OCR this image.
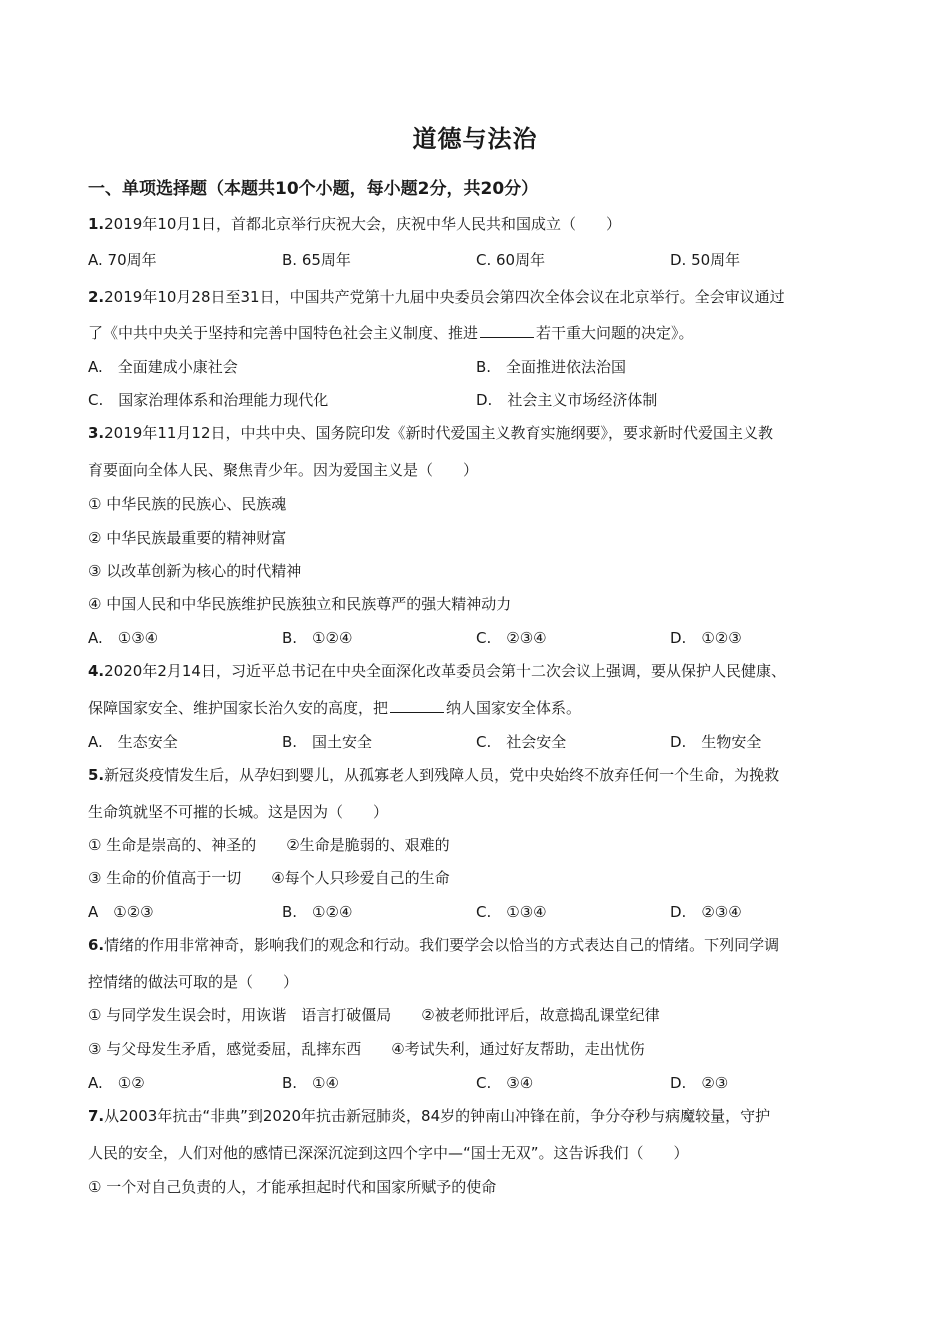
道德与法治
一、单项选择题（本题共10个小题，每小题2分，共20分）
1.2019年10月1日，首都北京举行庆祝大会，庆祝中华人民共和国成立（　　）
A. 70周年	B. 65周年	C. 60周年	D. 50周年
2.2019年10月28日至31日，中国共产党第十九届中央委员会第四次全体会议在北京举行。全会审议通过
了《中共中央关于坚持和完善中国特色社会主义制度、推进	若干重大问题的决定》。
A.　全面建成小康社会	B.　全面推进依法治国
C.　国家治理体系和治理能力现代化	D.　社会主义市场经济体制
3.2019年11月12日，中共中央、国务院印发《新时代爱国主义教育实施纲要》，要求新时代爱国主义教
育要面向全体人民、聚焦青少年。因为爱国主义是（　　）
① 中华民族的民族心、民族魂
② 中华民族最重要的精神财富
③ 以改革创新为核心的时代精神
④ 中国人民和中华民族维护民族独立和民族尊严的强大精神动力
A.　①③④	B.　①②④	C.　②③④	D.　①②③
4.2020年2月14日，习近平总书记在中央全面深化改革委员会第十二次会议上强调，要从保护人民健康、
保障国家安全、维护国家长治久安的高度，把	纳人国家安全体系。
A.　生态安全	B.　国土安全	C.　社会安全	D.　生物安全
5.新冠炎疫情发生后，从孕妇到婴儿，从孤寡老人到残障人员，党中央始终不放弃任何一个生命，为挽救
生命筑就坚不可摧的长城。这是因为（　　）
① 生命是崇高的、神圣的　　②生命是脆弱的、艰难的
③ 生命的价值高于一切　　④每个人只珍爱自己的生命
A　①②③	B.　①②④	C.　①③④	D.　②③④
6.情绪的作用非常神奇，影响我们的观念和行动。我们要学会以恰当的方式表达自己的情绪。下列同学调
控情绪的做法可取的是（　　）
① 与同学发生误会时，用诙谐　语言打破僵局　　②被老师批评后，故意捣乱课堂纪律
③ 与父母发生矛盾，感觉委屈，乱摔东西　　④考试失利，通过好友帮助，走出忧伤
A.　①②	B.　①④	C.　③④	D.　②③
7.从2003年抗击“非典”到2020年抗击新冠肺炎，84岁的钟南山冲锋在前，争分夺秒与病魔较量，守护
人民的安全，人们对他的感情已深深沉淀到这四个字中—“国士无双”。这告诉我们（　　）
① 一个对自己负责的人，才能承担起时代和国家所赋予的使命
